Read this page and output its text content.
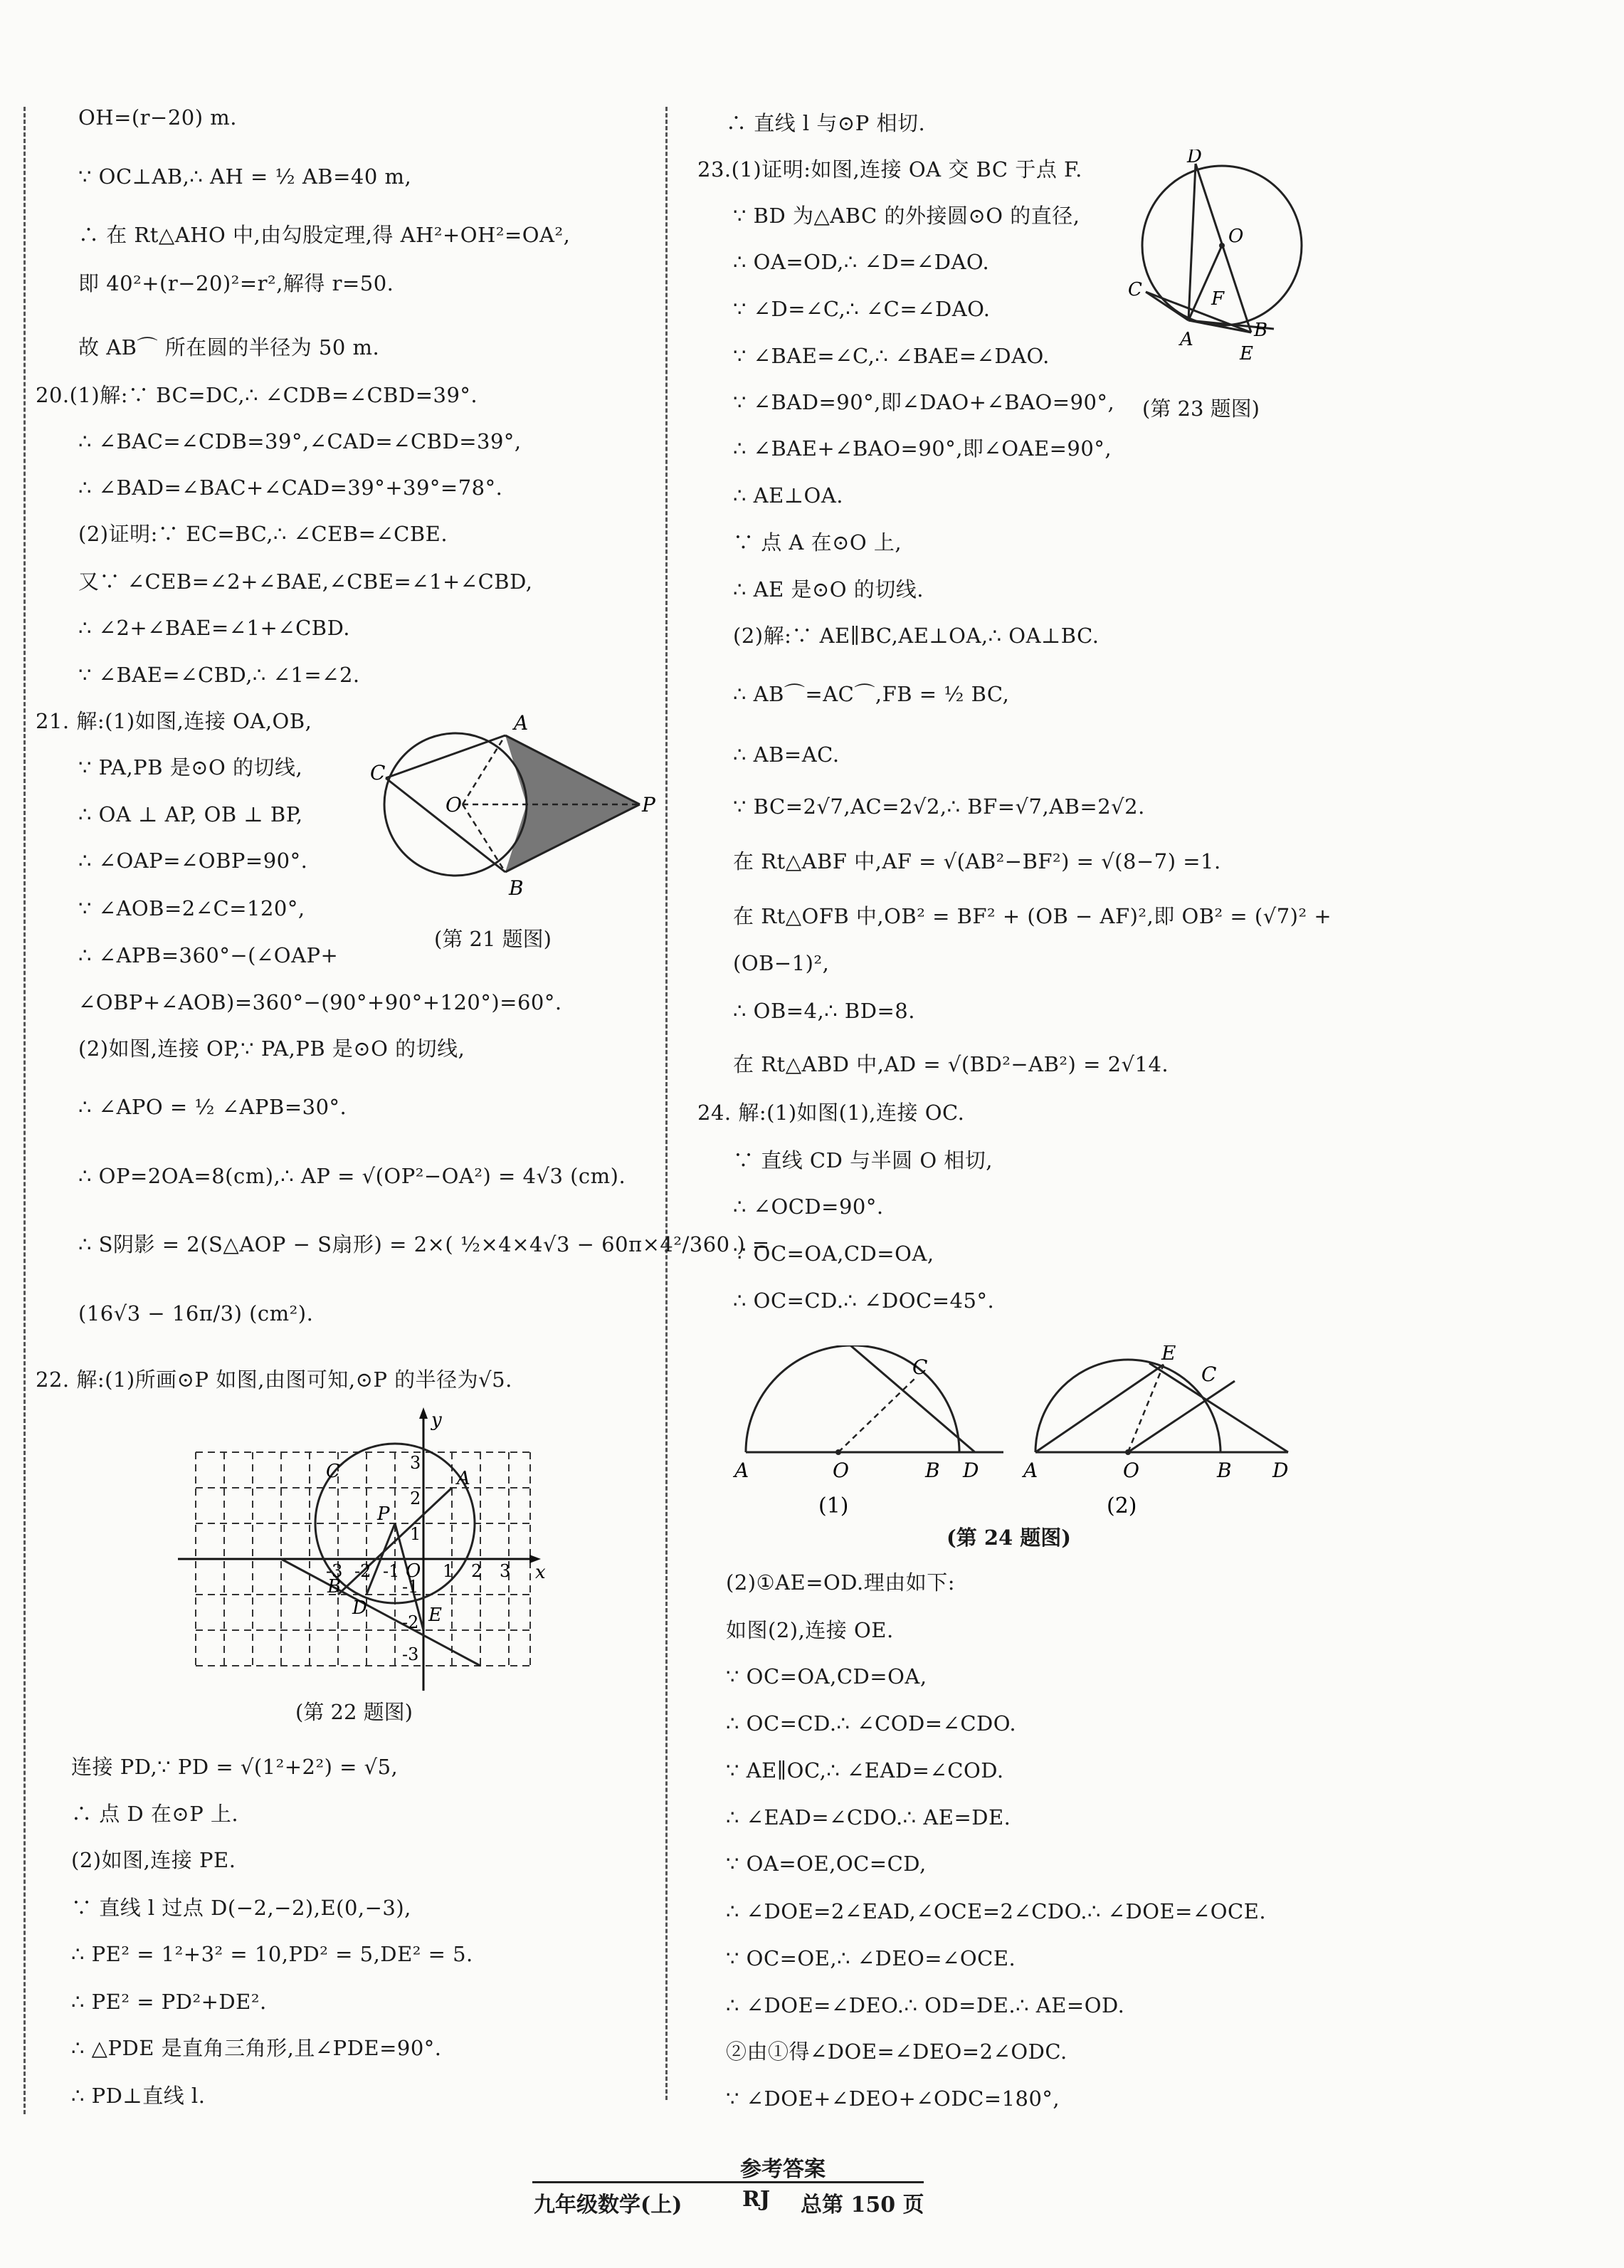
OH=(r−20) m.
∵ OC⊥AB,∴ AH = ½ AB=40 m,
∴ 在 Rt△AHO 中,由勾股定理,得 AH²+OH²=OA²,
即 40²+(r−20)²=r²,解得 r=50.
故 AB⌒ 所在圆的半径为 50 m.
20.(1)解:∵ BC=DC,∴ ∠CDB=∠CBD=39°.
∴ ∠BAC=∠CDB=39°,∠CAD=∠CBD=39°,
∴ ∠BAD=∠BAC+∠CAD=39°+39°=78°.
(2)证明:∵ EC=BC,∴ ∠CEB=∠CBE.
又∵ ∠CEB=∠2+∠BAE,∠CBE=∠1+∠CBD,
∴ ∠2+∠BAE=∠1+∠CBD.
∵ ∠BAE=∠CBD,∴ ∠1=∠2.
21. 解:(1)如图,连接 OA,OB,
∵ PA,PB 是⊙O 的切线,
∴ OA ⊥ AP, OB ⊥ BP,
∴ ∠OAP=∠OBP=90°.
∵ ∠AOB=2∠C=120°,
∴ ∠APB=360°−(∠OAP+
∠OBP+∠AOB)=360°−(90°+90°+120°)=60°.
(2)如图,连接 OP,∵ PA,PB 是⊙O 的切线,
∴ ∠APO = ½ ∠APB=30°.
∴ OP=2OA=8(cm),∴ AP = √(OP²−OA²) = 4√3 (cm).
∴ S阴影 = 2(S△AOP − S扇形) = 2×( ½×4×4√3 − 60π×4²/360 ) =
(16√3 − 16π/3) (cm²).
22. 解:(1)所画⊙P 如图,由图可知,⊙P 的半径为√5.
连接 PD,∵ PD = √(1²+2²) = √5,
∴ 点 D 在⊙P 上.
(2)如图,连接 PE.
∵ 直线 l 过点 D(−2,−2),E(0,−3),
∴ PE² = 1²+3² = 10,PD² = 5,DE² = 5.
∴ PE² = PD²+DE².
∴ △PDE 是直角三角形,且∠PDE=90°.
∴ PD⊥直线 l.
A
B
C
O	P
(第 21 题图)
x
y
O
A
B
C
D	E
P
-3 -2 -1	1 2 3
3
2
1
-1
-2
-3
(第 22 题图)
∴ 直线 l 与⊙P 相切.
23.(1)证明:如图,连接 OA 交 BC 于点 F.
∵ BD 为△ABC 的外接圆⊙O 的直径,
∴ OA=OD,∴ ∠D=∠DAO.
∵ ∠D=∠C,∴ ∠C=∠DAO.
∵ ∠BAE=∠C,∴ ∠BAE=∠DAO.
∵ ∠BAD=90°,即∠DAO+∠BAO=90°,
∴ ∠BAE+∠BAO=90°,即∠OAE=90°,
∴ AE⊥OA.
∵ 点 A 在⊙O 上,
∴ AE 是⊙O 的切线.
(2)解:∵ AE∥BC,AE⊥OA,∴ OA⊥BC.
∴ AB⌒=AC⌒,FB = ½ BC,
∴ AB=AC.
∵ BC=2√7,AC=2√2,∴ BF=√7,AB=2√2.
在 Rt△ABF 中,AF = √(AB²−BF²) = √(8−7) =1.
在 Rt△OFB 中,OB² = BF² + (OB − AF)²,即 OB² = (√7)² +
(OB−1)²,
∴ OB=4,∴ BD=8.
在 Rt△ABD 中,AD = √(BD²−AB²) = 2√14.
24. 解:(1)如图(1),连接 OC.
∵ 直线 CD 与半圆 O 相切,
∴ ∠OCD=90°.
∵ OC=OA,CD=OA,
∴ OC=CD.∴ ∠DOC=45°.
(2)①AE=OD.理由如下:
如图(2),连接 OE.
∵ OC=OA,CD=OA,
∴ OC=CD.∴ ∠COD=∠CDO.
∵ AE∥OC,∴ ∠EAD=∠COD.
∴ ∠EAD=∠CDO.∴ AE=DE.
∵ OA=OE,OC=CD,
∴ ∠DOE=2∠EAD,∠OCE=2∠CDO.∴ ∠DOE=∠OCE.
∵ OC=OE,∴ ∠DEO=∠OCE.
∴ ∠DOE=∠DEO.∴ OD=DE.∴ AE=OD.
②由①得∠DOE=∠DEO=2∠ODC.
∵ ∠DOE+∠DEO+∠ODC=180°,
D
O
C	F
A	B
E
(第 23 题图)
A	O	B D
C
(1)
A	O	B D
E
C
(2)
(第 24 题图)
参考答案
九年级数学(上)	RJ 总第 150 页
